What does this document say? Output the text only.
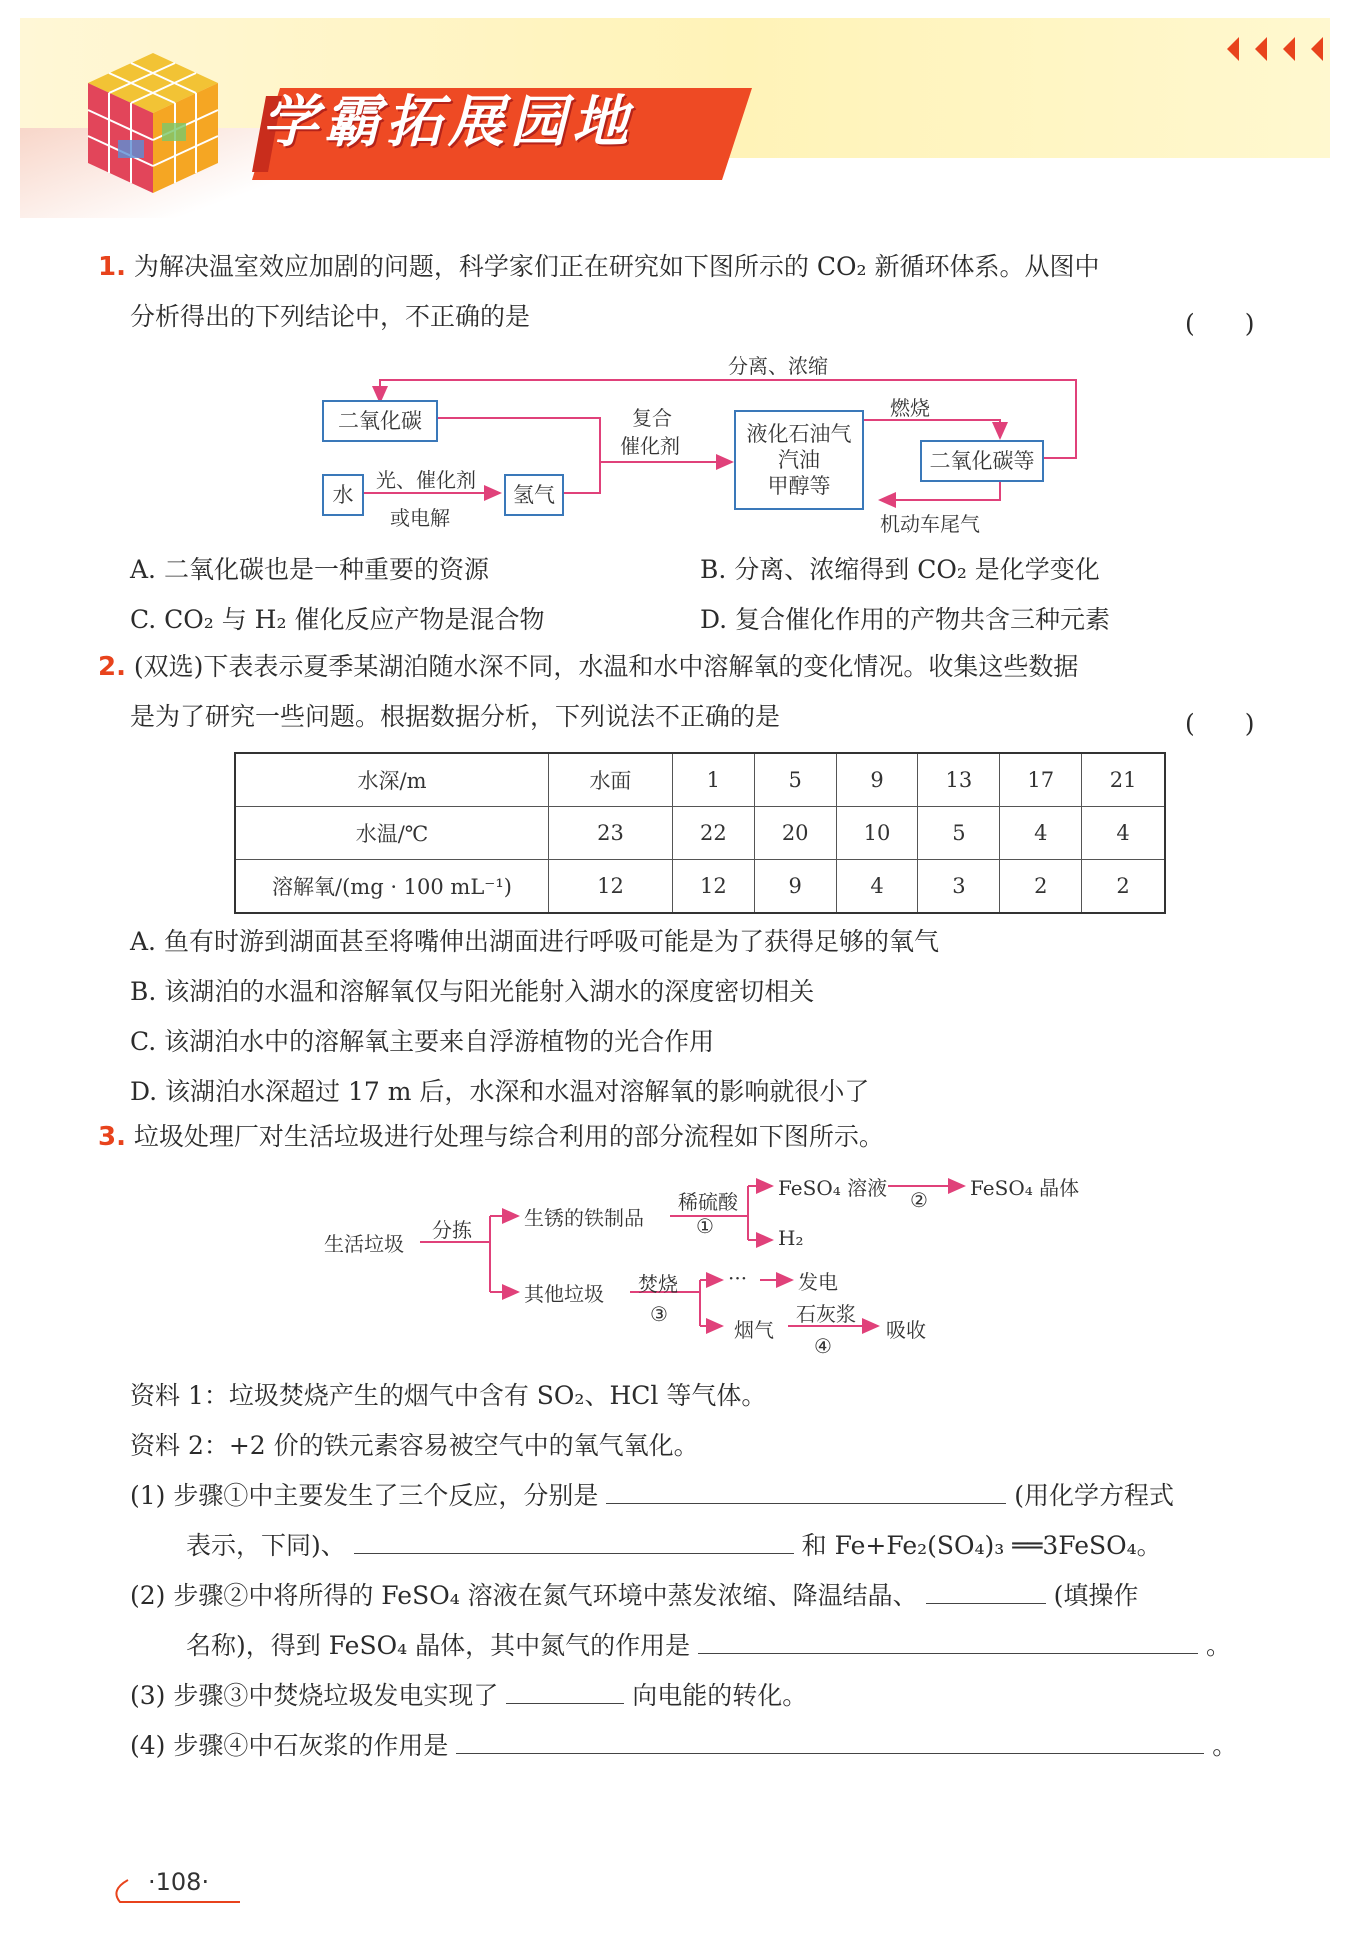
学霸拓展园地
1. 为解决温室效应加剧的问题，科学家们正在研究如下图所示的 CO₂ 新循环体系。从图中
分析得出的下列结论中，不正确的是	(　　)
分离、浓缩
二氧化碳
水
光、催化剂
或电解
氢气
复合
催化剂	液化石油气
汽油
甲醇等
燃烧
二氧化碳等
机动车尾气
A. 二氧化碳也是一种重要的资源	B. 分离、浓缩得到 CO₂ 是化学变化
C. CO₂ 与 H₂ 催化反应产物是混合物	D. 复合催化作用的产物共含三种元素
2. (双选)下表表示夏季某湖泊随水深不同，水温和水中溶解氧的变化情况。收集这些数据
是为了研究一些问题。根据数据分析，下列说法不正确的是	(　　)
水深/m	水面	1	5	9	13	17	21
水温/℃	23	22	20	10	5	4	4
溶解氧/(mg · 100 mL⁻¹)	12	12	9	4	3	2	2
A. 鱼有时游到湖面甚至将嘴伸出湖面进行呼吸可能是为了获得足够的氧气
B. 该湖泊的水温和溶解氧仅与阳光能射入湖水的深度密切相关
C. 该湖泊水中的溶解氧主要来自浮游植物的光合作用
D. 该湖泊水深超过 17 m 后，水深和水温对溶解氧的影响就很小了
3. 垃圾处理厂对生活垃圾进行处理与综合利用的部分流程如下图所示。
生活垃圾
分拣	生锈的铁制品
稀硫酸
①
FeSO₄ 溶液 ② FeSO₄ 晶体
H₂
其他垃圾 焚烧
③
···	发电
烟气
石灰浆
④
吸收
资料 1：垃圾焚烧产生的烟气中含有 SO₂、HCl 等气体。
资料 2：+2 价的铁元素容易被空气中的氧气氧化。
(1) 步骤①中主要发生了三个反应，分别是	(用化学方程式
表示，下同)、	和 Fe+Fe₂(SO₄)₃ ══3FeSO₄。
(2) 步骤②中将所得的 FeSO₄ 溶液在氮气环境中蒸发浓缩、降温结晶、	(填操作
名称)，得到 FeSO₄ 晶体，其中氮气的作用是	。
(3) 步骤③中焚烧垃圾发电实现了	向电能的转化。
(4) 步骤④中石灰浆的作用是	。
·108·
